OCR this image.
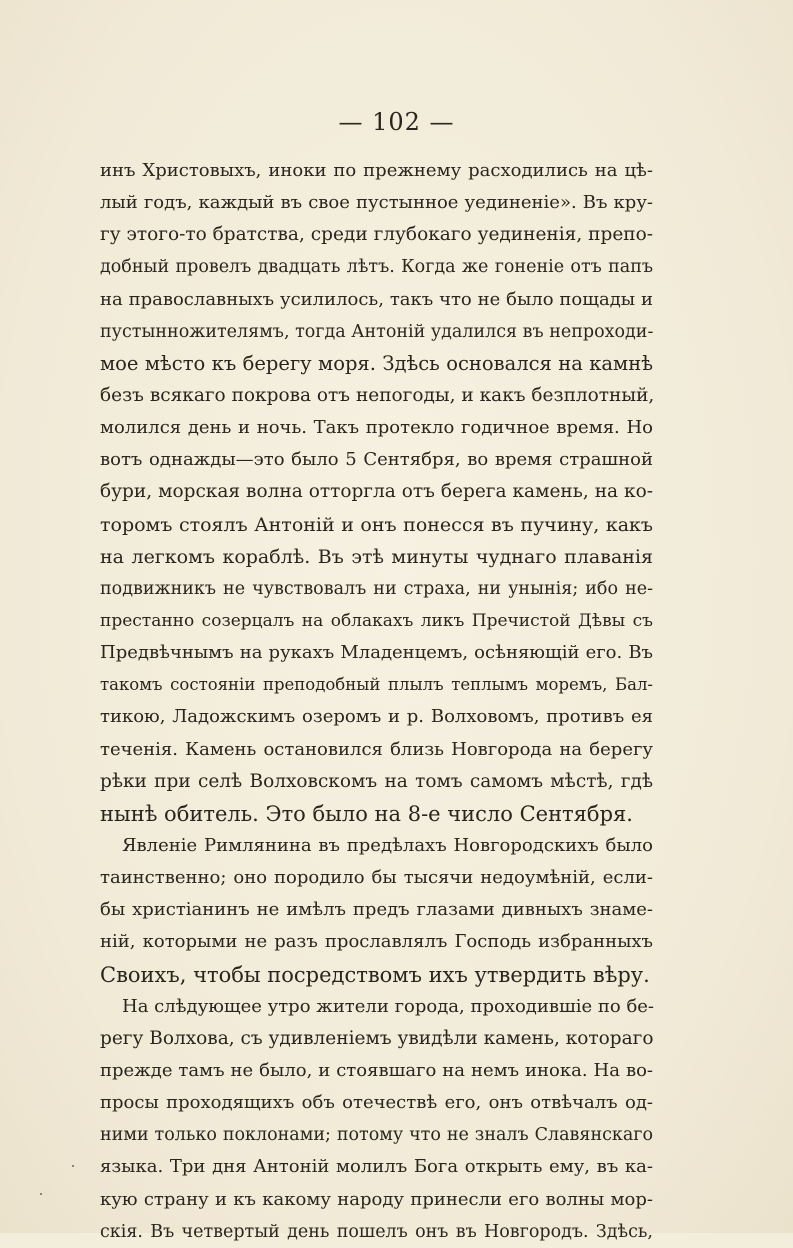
— 102 —
инъ Христовыхъ, иноки по прежнему расходились на цѣ-
лый годъ, каждый въ свое пустынное уединеніе». Въ кру-
гу этого-то братства, среди глубокаго уединенія, препо-
добный провелъ двадцать лѣтъ. Когда же гоненіе отъ папъ
на православныхъ усилилось, такъ что не было пощады и
пустынножителямъ, тогда Антоній удалился въ непроходи-
мое мѣсто къ берегу моря. Здѣсь основался на камнѣ
безъ всякаго покрова отъ непогоды, и какъ безплотный,
молился день и ночь. Такъ протекло годичное время. Но
вотъ однажды—это было 5 Сентября, во время страшной
бури, морская волна отторгла отъ берега камень, на ко-
торомъ стоялъ Антоній и онъ понесся въ пучину, какъ
на легкомъ кораблѣ. Въ этѣ минуты чуднаго плаванія
подвижникъ не чувствовалъ ни страха, ни унынія; ибо не-
престанно созерцалъ на облакахъ ликъ Пречистой Дѣвы съ
Предвѣчнымъ на рукахъ Младенцемъ, осѣняющій его. Въ
такомъ состояніи преподобный плылъ теплымъ моремъ, Бал-
тикою, Ладожскимъ озеромъ и р. Волховомъ, противъ ея
теченія. Камень остановился близь Новгорода на берегу
рѣки при селѣ Волховскомъ на томъ самомъ мѣстѣ, гдѣ
нынѣ обитель. Это было на 8-е число Сентября.
Явленіе Римлянина въ предѣлахъ Новгородскихъ было
таинственно; оно породило бы тысячи недоумѣній, если-
бы христіанинъ не имѣлъ предъ глазами дивныхъ знаме-
ній, которыми не разъ прославлялъ Господь избранныхъ
Своихъ, чтобы посредствомъ ихъ утвердить вѣру.
На слѣдующее утро жители города, проходившіе по бе-
регу Волхова, съ удивленіемъ увидѣли камень, котораго
прежде тамъ не было, и стоявшаго на немъ инока. На во-
просы проходящихъ объ отечествѣ его, онъ отвѣчалъ од-
ними только поклонами; потому что не зналъ Славянскаго
языка. Три дня Антоній молилъ Бога открыть ему, въ ка-
кую страну и къ какому народу принесли его волны мор-
скія. Въ четвертый день пошелъ онъ въ Новгородъ. Здѣсь,
